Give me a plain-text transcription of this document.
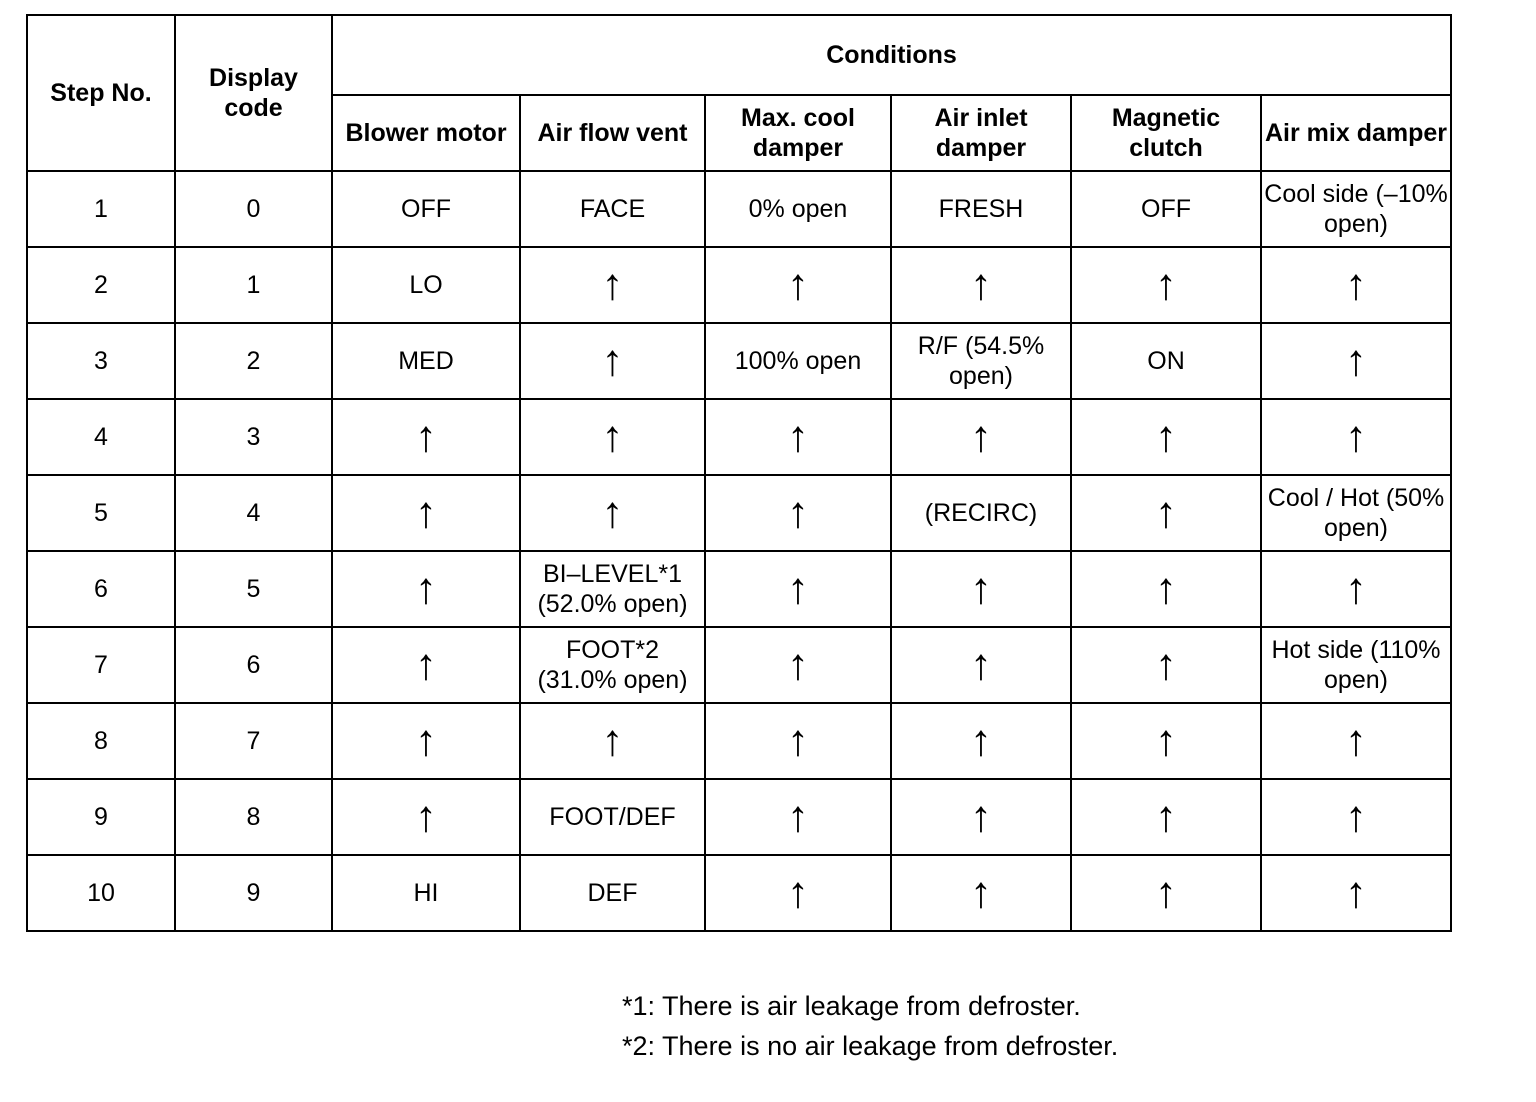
Step No.	Display code	Conditions					
		Blower motor	Air flow vent	Max. cool damper	Air inlet damper	Magnetic clutch	Air mix damper
1	0	OFF	FACE	0% open	FRESH	OFF	Cool side (–10% open)
2	1	LO	↑	↑	↑	↑	↑
3	2	MED	↑	100% open	R/F (54.5% open)	ON	↑
4	3	↑	↑	↑	↑	↑	↑
5	4	↑	↑	↑	(RECIRC)	↑	Cool / Hot (50% open)
6	5	↑	BI–LEVEL*1 (52.0% open)	↑	↑	↑	↑
7	6	↑	FOOT*2 (31.0% open)	↑	↑	↑	Hot side (110% open)
8	7	↑	↑	↑	↑	↑	↑
9	8	↑	FOOT/DEF	↑	↑	↑	↑
10	9	HI	DEF	↑	↑	↑	↑
*1: There is air leakage from defroster.
*2: There is no air leakage from defroster.
